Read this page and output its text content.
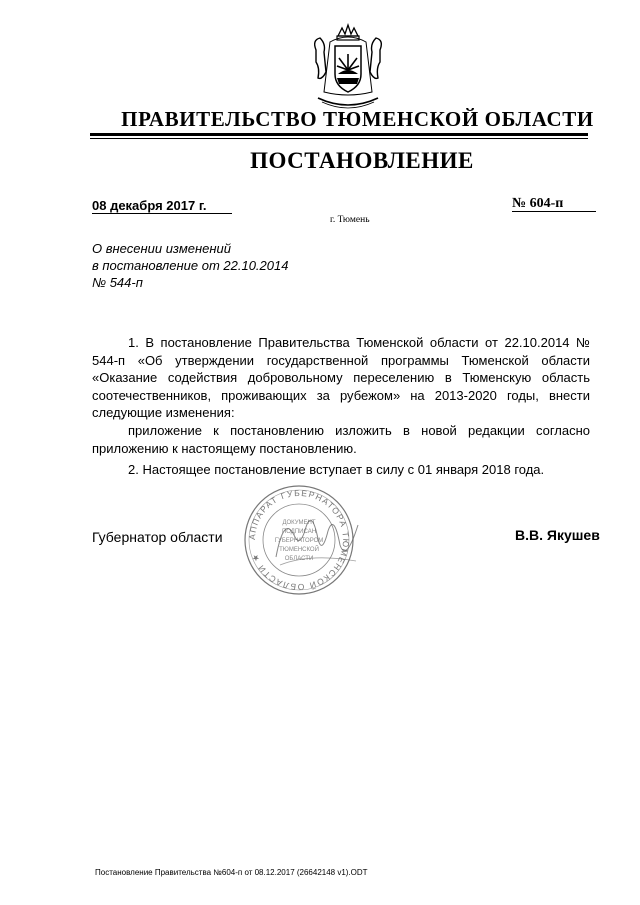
ПРАВИТЕЛЬСТВО ТЮМЕНСКОЙ ОБЛАСТИ
ПОСТАНОВЛЕНИЕ
08 декабря 2017 г.	№ 604-п
г. Тюмень
О внесении изменений
в постановление от 22.10.2014
№ 544-п
1. В постановление Правительства Тюменской области от 22.10.2014 № 544-п «Об утверждении государственной программы Тюменской области «Оказание содействия добровольному переселению в Тюменскую область соотечественников, проживающих за рубежом» на 2013-2020 годы, внести следующие изменения:
приложение к постановлению изложить в новой редакции согласно приложению к настоящему постановлению.
2. Настоящее постановление вступает в силу с 01 января 2018 года.
Губернатор области	В.В. Якушев
АППАРАТ ГУБЕРНАТОРА ТЮМЕНСКОЙ ОБЛАСТИ ★
ДОКУМЕНТ
ПОДПИСАН
ГУБЕРНАТОРОМ
ТЮМЕНСКОЙ
ОБЛАСТИ
Постановление Правительства №604-п от 08.12.2017 (26642148 v1).ODT
